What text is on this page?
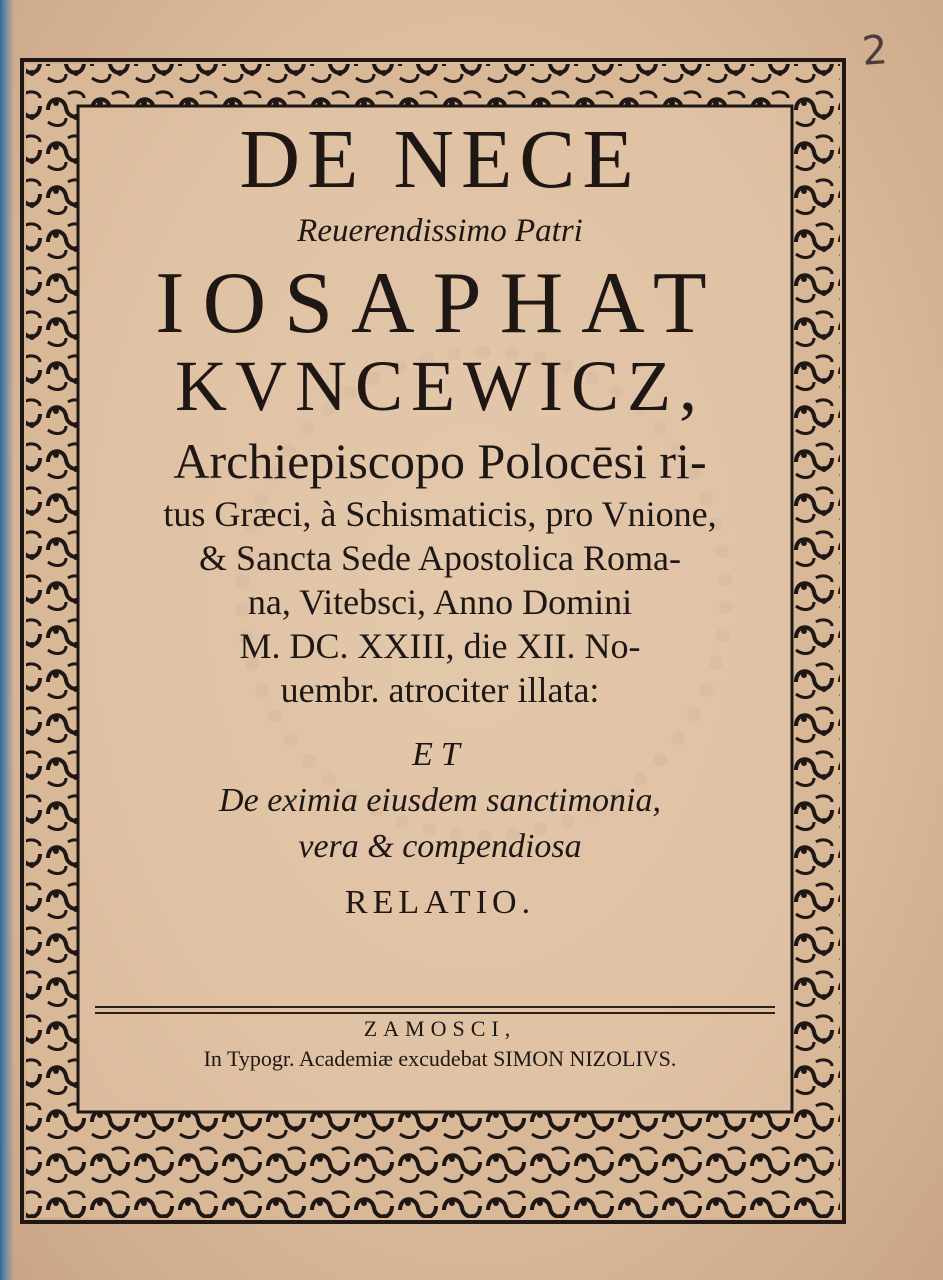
2
DE NECE
Reuerendissimo Patri
IOSAPHAT
KVNCEWICZ,
Archiepiscopo Polocēsi ri-
tus Græci, à Schismaticis, pro Vnione,
& Sancta Sede Apostolica Roma-
na, Vitebsci, Anno Domini
M. DC. XXIII, die XII. No-
uembr. atrociter illata:
ET
De eximia eiusdem sanctimonia,
vera & compendiosa
RELATIO.
ZAMOSCI,
In Typogr. Academiæ excudebat SIMON NIZOLIVS.
